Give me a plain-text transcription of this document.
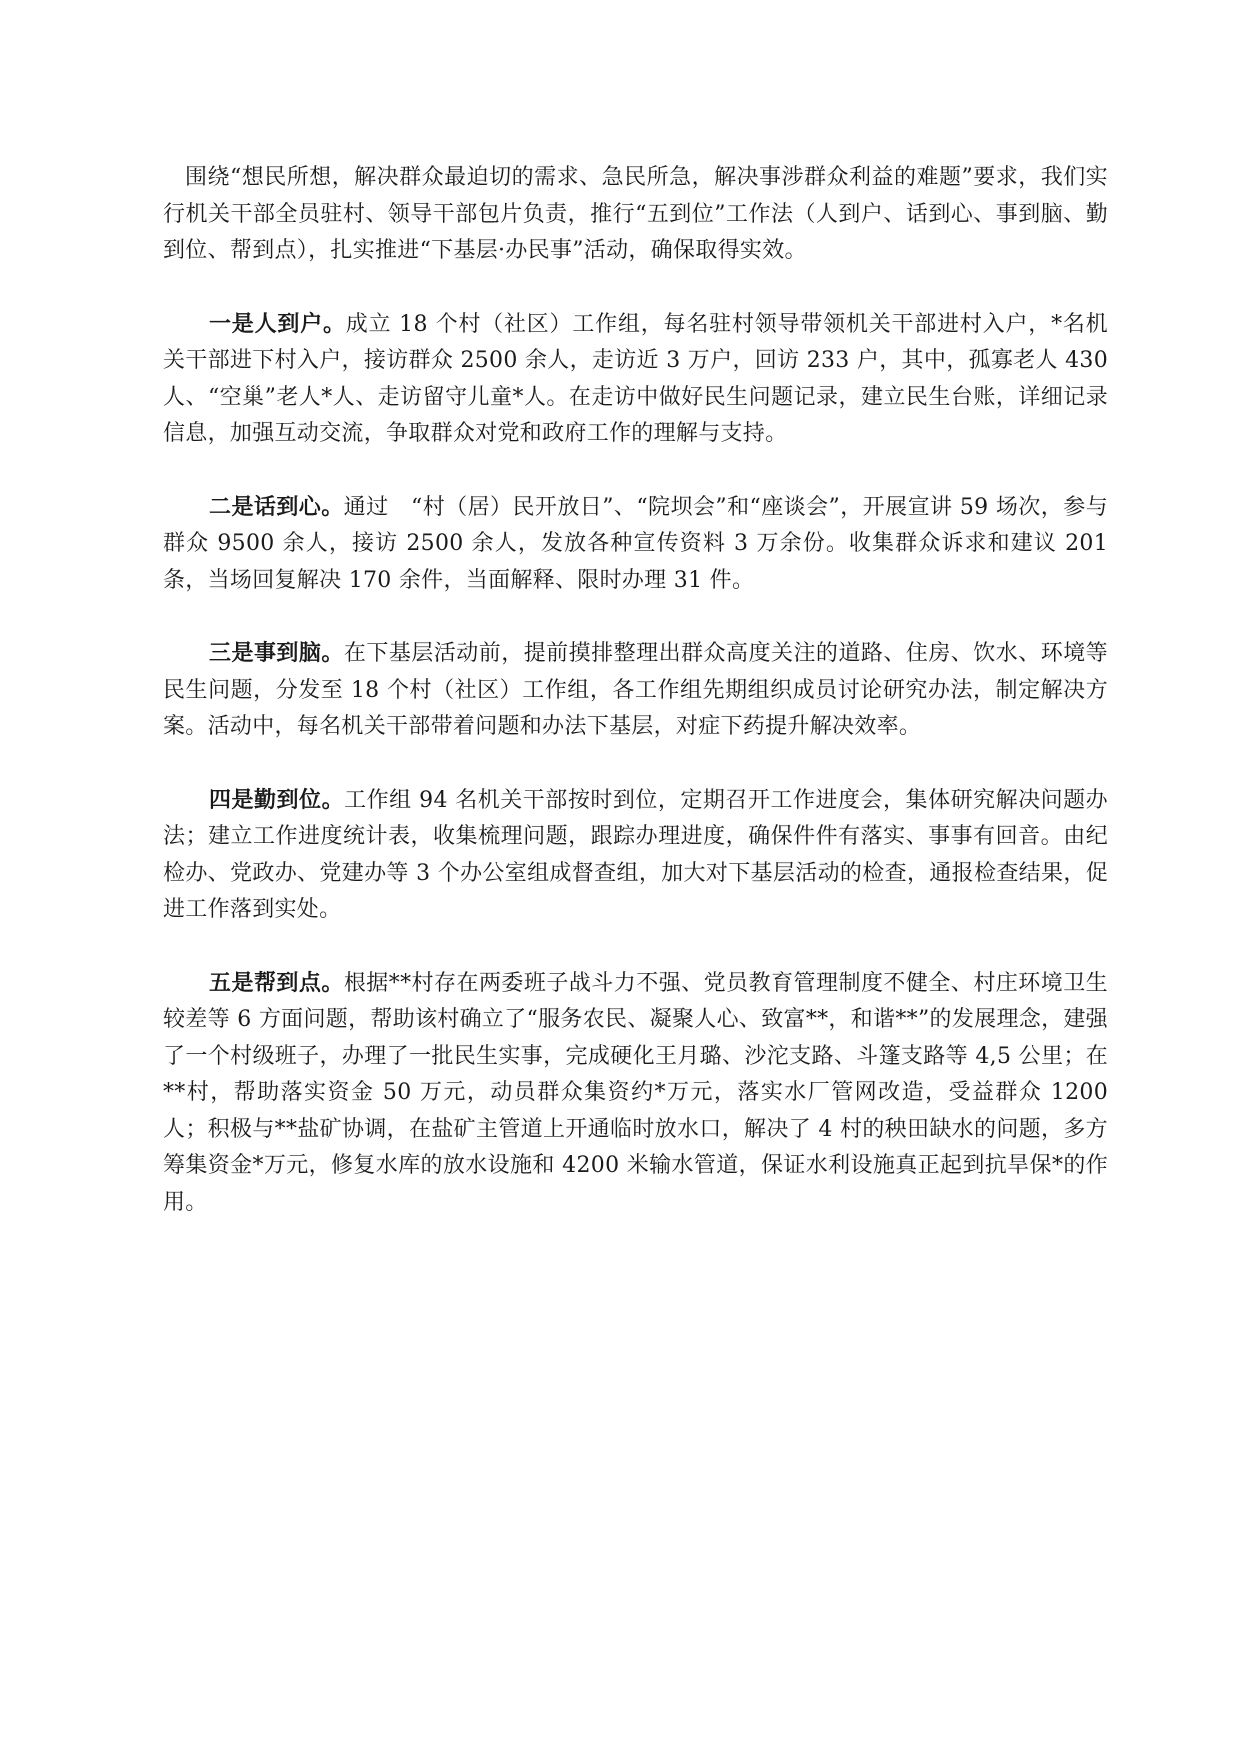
围绕“想民所想，解决群众最迫切的需求、急民所急，解决事涉群众利益的难题”要求，我们实行机关干部全员驻村、领导干部包片负责，推行“五到位”工作法（人到户、话到心、事到脑、勤到位、帮到点），扎实推进“下基层·办民事”活动，确保取得实效。

一是人到户。成立 18 个村（社区）工作组，每名驻村领导带领机关干部进村入户，*名机关干部进下村入户，接访群众 2500 余人，走访近 3 万户，回访 233 户，其中，孤寡老人 430 人、“空巢”老人*人、走访留守儿童*人。在走访中做好民生问题记录，建立民生台账，详细记录信息，加强互动交流，争取群众对党和政府工作的理解与支持。

二是话到心。通过　“村（居）民开放日”、“院坝会”和“座谈会”，开展宣讲 59 场次，参与群众 9500 余人，接访 2500 余人，发放各种宣传资料 3 万余份。收集群众诉求和建议 201 条，当场回复解决 170 余件，当面解释、限时办理 31 件。

三是事到脑。在下基层活动前，提前摸排整理出群众高度关注的道路、住房、饮水、环境等民生问题，分发至 18 个村（社区）工作组，各工作组先期组织成员讨论研究办法，制定解决方案。活动中，每名机关干部带着问题和办法下基层，对症下药提升解决效率。

四是勤到位。工作组 94 名机关干部按时到位，定期召开工作进度会，集体研究解决问题办法；建立工作进度统计表，收集梳理问题，跟踪办理进度，确保件件有落实、事事有回音。由纪检办、党政办、党建办等 3 个办公室组成督查组，加大对下基层活动的检查，通报检查结果，促进工作落到实处。

五是帮到点。根据**村存在两委班子战斗力不强、党员教育管理制度不健全、村庄环境卫生较差等 6 方面问题，帮助该村确立了“服务农民、凝聚人心、致富**，和谐**”的发展理念，建强了一个村级班子，办理了一批民生实事，完成硬化王月璐、沙沱支路、斗篷支路等 4,5 公里；在**村，帮助落实资金 50 万元，动员群众集资约*万元，落实水厂管网改造，受益群众 1200 人；积极与**盐矿协调，在盐矿主管道上开通临时放水口，解决了 4 村的秧田缺水的问题，多方筹集资金*万元，修复水库的放水设施和 4200 米输水管道，保证水利设施真正起到抗旱保*的作用。
